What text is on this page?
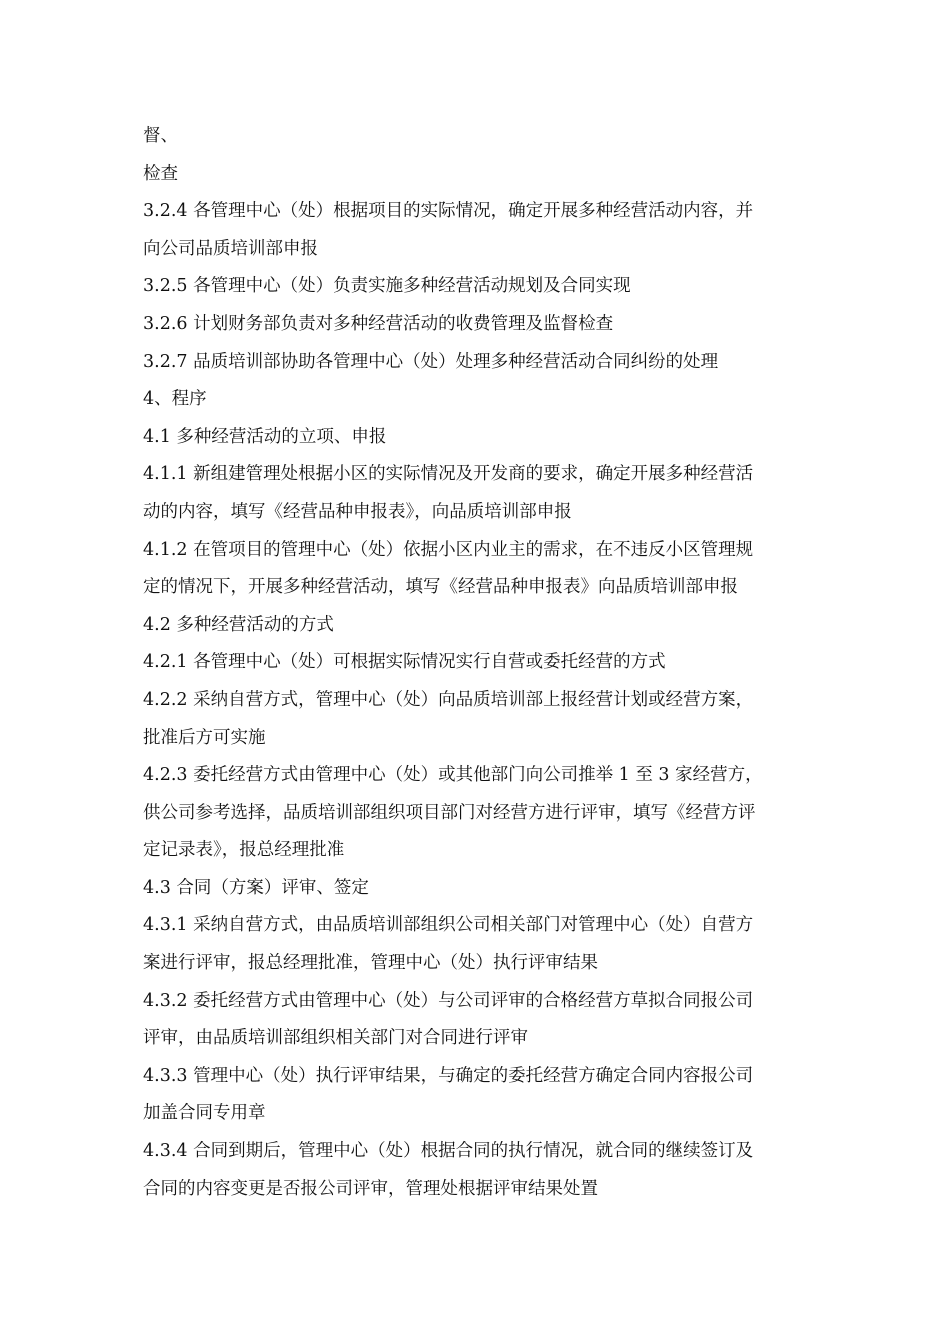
督、
检查
3.2.4 各管理中心（处）根据项目的实际情况，确定开展多种经营活动内容，并
向公司品质培训部申报
3.2.5 各管理中心（处）负责实施多种经营活动规划及合同实现
3.2.6 计划财务部负责对多种经营活动的收费管理及监督检查
3.2.7 品质培训部协助各管理中心（处）处理多种经营活动合同纠纷的处理
4、程序
4.1 多种经营活动的立项、申报
4.1.1 新组建管理处根据小区的实际情况及开发商的要求，确定开展多种经营活
动的内容，填写《经营品种申报表》，向品质培训部申报
4.1.2 在管项目的管理中心（处）依据小区内业主的需求，在不违反小区管理规
定的情况下，开展多种经营活动，填写《经营品种申报表》向品质培训部申报
4.2 多种经营活动的方式
4.2.1 各管理中心（处）可根据实际情况实行自营或委托经营的方式
4.2.2 采纳自营方式，管理中心（处）向品质培训部上报经营计划或经营方案，
批准后方可实施
4.2.3 委托经营方式由管理中心（处）或其他部门向公司推举 1 至 3 家经营方，
供公司参考选择，品质培训部组织项目部门对经营方进行评审，填写《经营方评
定记录表》，报总经理批准
4.3 合同（方案）评审、签定
4.3.1 采纳自营方式，由品质培训部组织公司相关部门对管理中心（处）自营方
案进行评审，报总经理批准，管理中心（处）执行评审结果
4.3.2 委托经营方式由管理中心（处）与公司评审的合格经营方草拟合同报公司
评审，由品质培训部组织相关部门对合同进行评审
4.3.3 管理中心（处）执行评审结果，与确定的委托经营方确定合同内容报公司
加盖合同专用章
4.3.4 合同到期后，管理中心（处）根据合同的执行情况，就合同的继续签订及
合同的内容变更是否报公司评审，管理处根据评审结果处置
